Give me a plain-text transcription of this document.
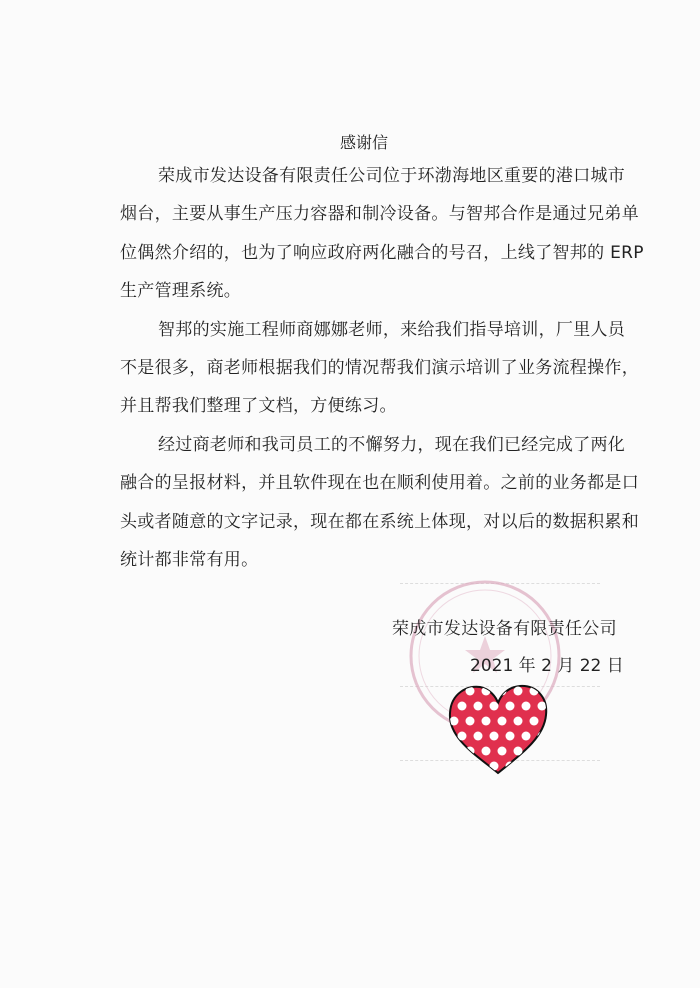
感谢信
荣成市发达设备有限责任公司位于环渤海地区重要的港口城市
烟台，主要从事生产压力容器和制冷设备。与智邦合作是通过兄弟单
位偶然介绍的，也为了响应政府两化融合的号召，上线了智邦的 ERP
生产管理系统。
智邦的实施工程师商娜娜老师，来给我们指导培训，厂里人员
不是很多，商老师根据我们的情况帮我们演示培训了业务流程操作，
并且帮我们整理了文档，方便练习。
经过商老师和我司员工的不懈努力，现在我们已经完成了两化
融合的呈报材料，并且软件现在也在顺利使用着。之前的业务都是口
头或者随意的文字记录，现在都在系统上体现，对以后的数据积累和
统计都非常有用。
荣成市发达设备有限责任公司
2021 年 2 月 22 日
